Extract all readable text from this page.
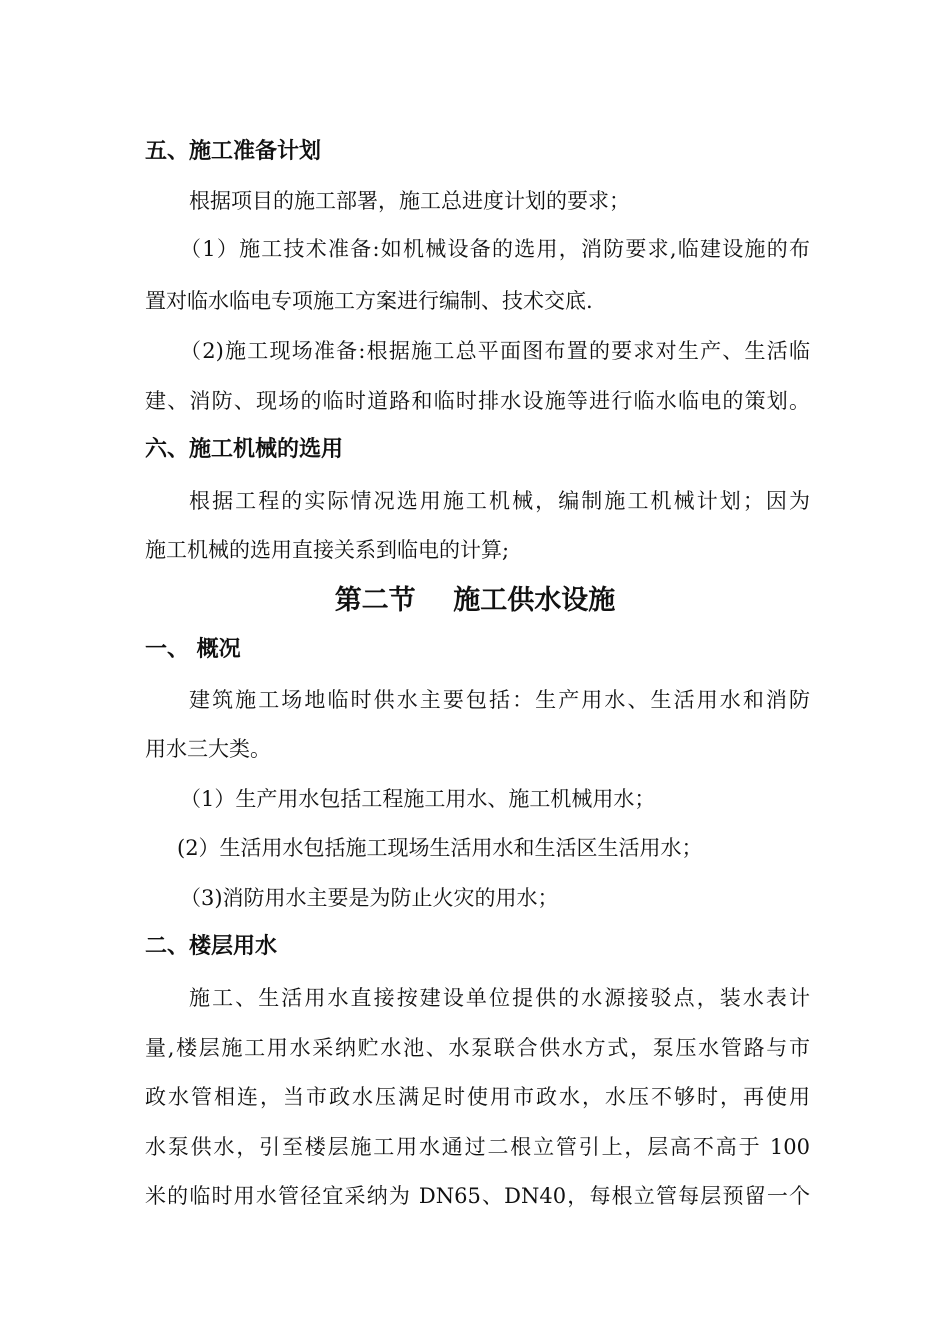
五、施工准备计划
根据项目的施工部署，施工总进度计划的要求；
（1）施工技术准备:如机械设备的选用，消防要求,临建设施的布
置对临水临电专项施工方案进行编制、技术交底.
（2)施工现场准备:根据施工总平面图布置的要求对生产、生活临
建、消防、现场的临时道路和临时排水设施等进行临水临电的策划。
六、施工机械的选用
根据工程的实际情况选用施工机械，编制施工机械计划；因为
施工机械的选用直接关系到临电的计算;
第二节    施工供水设施
一、 概况
建筑施工场地临时供水主要包括：生产用水、生活用水和消防
用水三大类。
（1）生产用水包括工程施工用水、施工机械用水；
(2）生活用水包括施工现场生活用水和生活区生活用水；
（3)消防用水主要是为防止火灾的用水；
二、楼层用水
施工、生活用水直接按建设单位提供的水源接驳点，装水表计
量,楼层施工用水采纳贮水池、水泵联合供水方式，泵压水管路与市
政水管相连，当市政水压满足时使用市政水，水压不够时，再使用
水泵供水，引至楼层施工用水通过二根立管引上，层高不高于 100
米的临时用水管径宜采纳为 DN65、DN40，每根立管每层预留一个
